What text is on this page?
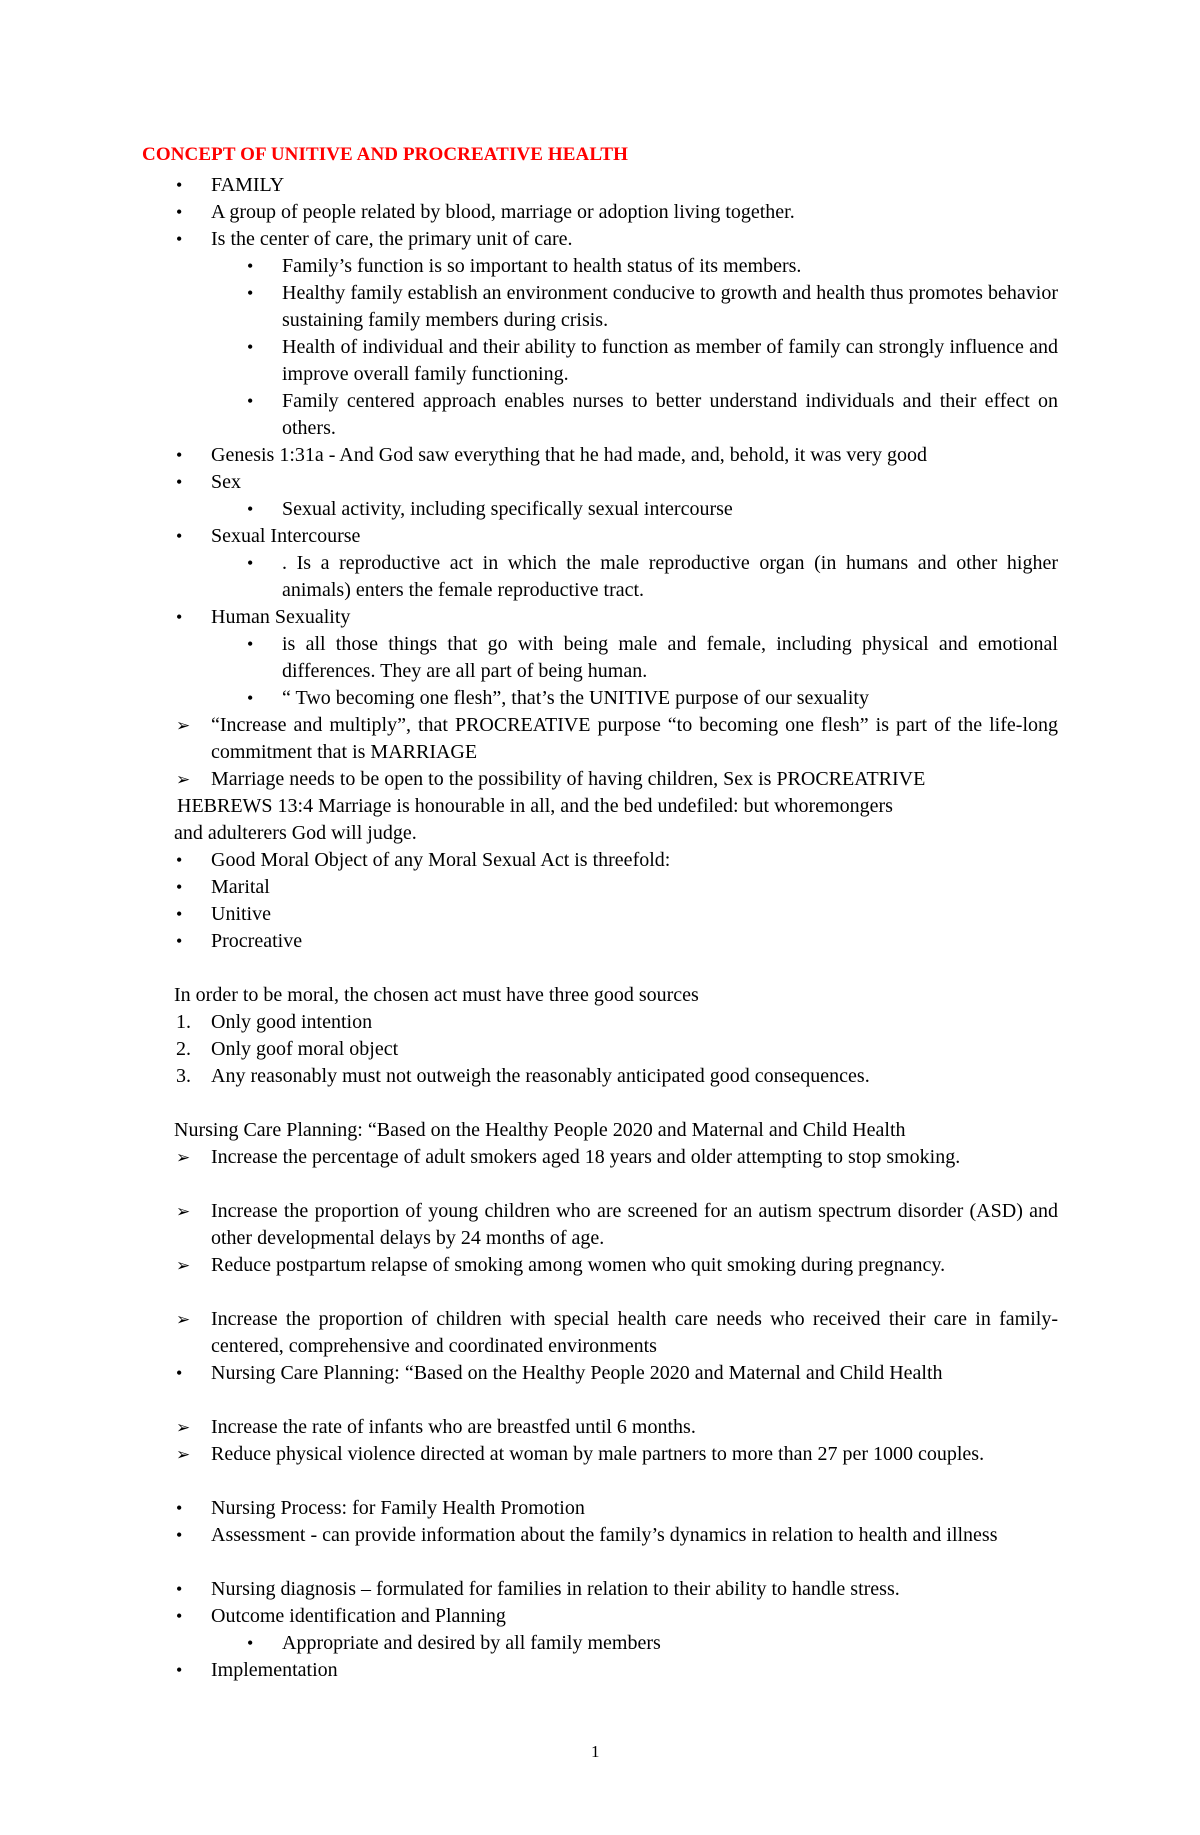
CONCEPT OF UNITIVE AND PROCREATIVE HEALTH
• FAMILY
• A group of people related by blood, marriage or adoption living together.
• Is the center of care, the primary unit of care.
• Family’s function is so important to health status of its members.
• Healthy family establish an environment conducive to growth and health thus promotes behavior sustaining family members during crisis.
• Health of individual and their ability to function as member of family can strongly influence and improve overall family functioning.
• Family centered approach enables nurses to better understand individuals and their effect on others.
• Genesis 1:31a - And God saw everything that he had made, and, behold, it was very good
• Sex
• Sexual activity, including specifically sexual intercourse
• Sexual Intercourse
• . Is a reproductive act in which the male reproductive organ (in humans and other higher animals) enters the female reproductive tract.
• Human Sexuality
• is all those things that go with being male and female, including physical and emotional differences. They are all part of being human.
• “ Two becoming one flesh”, that’s the UNITIVE purpose of our sexuality
➢ “Increase and multiply”, that PROCREATIVE purpose “to becoming one flesh” is part of the life-long commitment that is MARRIAGE
➢ Marriage needs to be open to the possibility of having children, Sex is PROCREATRIVE
HEBREWS 13:4 Marriage is honourable in all, and the bed undefiled: but whoremongers
and adulterers God will judge.
• Good Moral Object of any Moral Sexual Act is threefold:
• Marital
• Unitive
• Procreative
In order to be moral, the chosen act must have three good sources
1. Only good intention
2. Only goof moral object
3. Any reasonably must not outweigh the reasonably anticipated good consequences.
Nursing Care Planning: “Based on the Healthy People 2020 and Maternal and Child Health
➢ Increase the percentage of adult smokers aged 18 years and older attempting to stop smoking.
➢ Increase the proportion of young children who are screened for an autism spectrum disorder (ASD) and other developmental delays by 24 months of age.
➢ Reduce postpartum relapse of smoking among women who quit smoking during pregnancy.
➢ Increase the proportion of children with special health care needs who received their care in family-centered, comprehensive and coordinated environments
• Nursing Care Planning: “Based on the Healthy People 2020 and Maternal and Child Health
➢ Increase the rate of infants who are breastfed until 6 months.
➢ Reduce physical violence directed at woman by male partners to more than 27 per 1000 couples.
• Nursing Process: for Family Health Promotion
• Assessment - can provide information about the family’s dynamics in relation to health and illness
• Nursing diagnosis – formulated for families in relation to their ability to handle stress.
• Outcome identification and Planning
• Appropriate and desired by all family members
• Implementation
1
